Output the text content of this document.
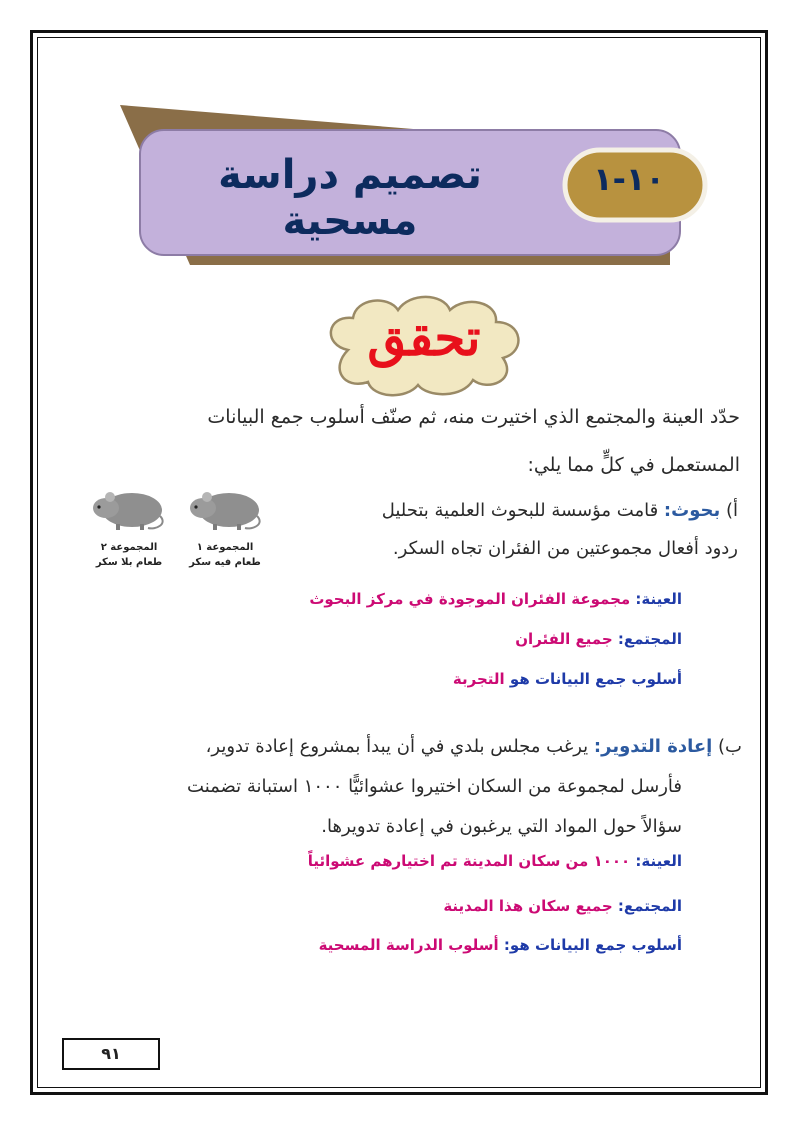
تصميم دراسة مسحية
١٠-١
تحقق
حدّد العينة والمجتمع الذي اختيرت منه، ثم صنّف أسلوب جمع البيانات
المستعمل في كلٍّ مما يلي:
أ) بحوث: قامت مؤسسة للبحوث العلمية بتحليل
ردود أفعال مجموعتين من الفئران تجاه السكر.
المجموعة ١
طعام فيه سكر
المجموعة ٢
طعام بلا سكر
العينة: مجموعة الفئران الموجودة في مركز البحوث
المجتمع: جميع الفئران
أسلوب جمع البيانات هو التجربة
ب) إعادة التدوير: يرغب مجلس بلدي في أن يبدأ بمشروع إعادة تدوير،
فأرسل لمجموعة من السكان اختيروا عشوائيًّا ١٠٠٠ استبانة تضمنت
سؤالاً حول المواد التي يرغبون في إعادة تدويرها.
العينة: ١٠٠٠ من سكان المدينة تم اختيارهم عشوائياً
المجتمع: جميع سكان هذا المدينة
أسلوب جمع البيانات هو: أسلوب الدراسة المسحية
٩١
